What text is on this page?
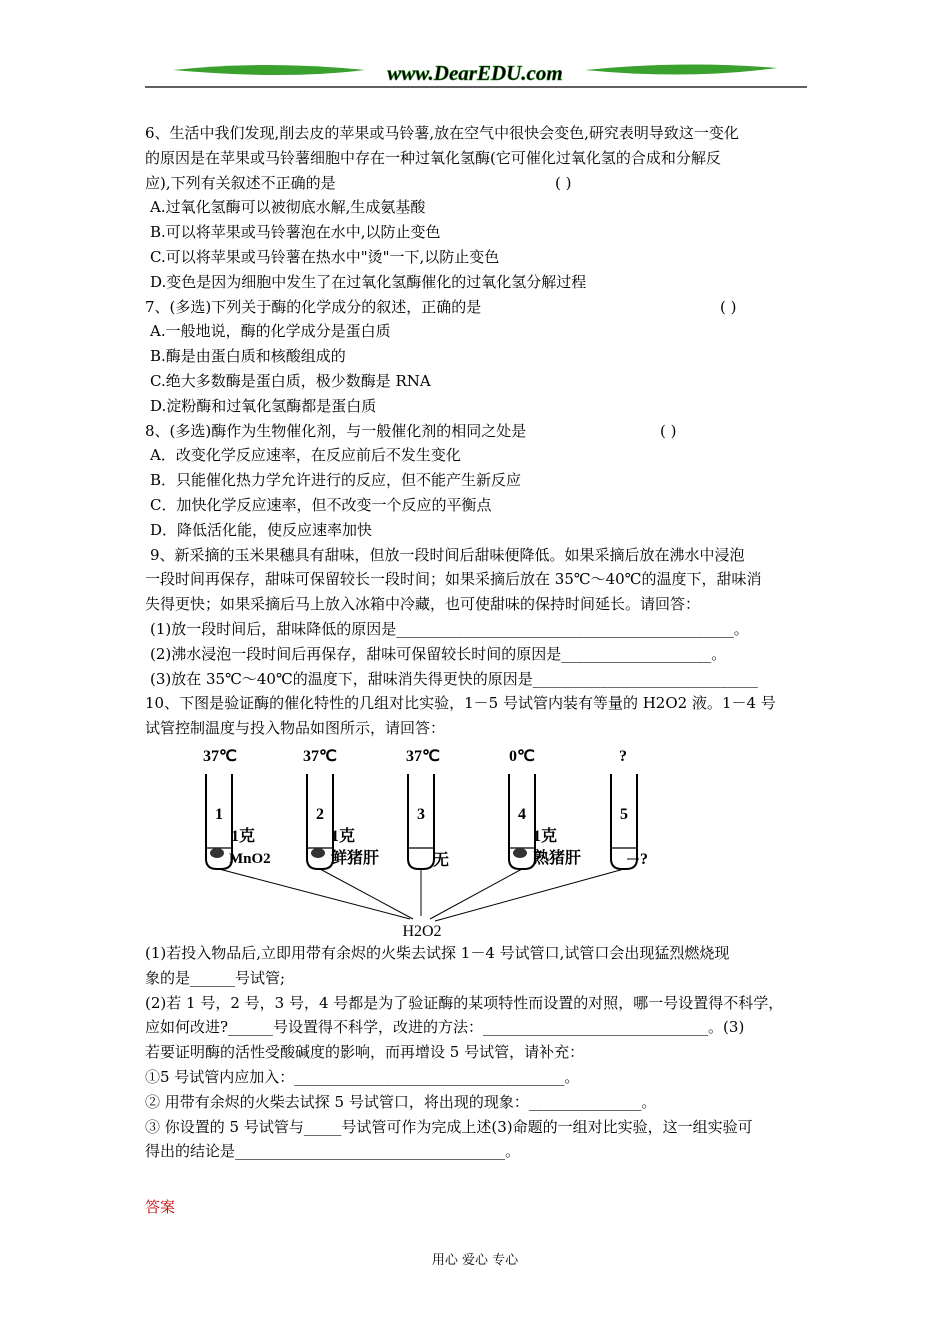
www.DearEDU.com
6、生活中我们发现,削去皮的苹果或马铃薯,放在空气中很快会变色,研究表明导致这一变化
的原因是在苹果或马铃薯细胞中存在一种过氧化氢酶(它可催化过氧化氢的合成和分解反
应),下列有关叙述不正确的是	( )
A.过氧化氢酶可以被彻底水解,生成氨基酸
B.可以将苹果或马铃薯泡在水中,以防止变色
C.可以将苹果或马铃薯在热水中"烫"一下,以防止变色
D.变色是因为细胞中发生了在过氧化氢酶催化的过氧化氢分解过程
7、(多选)下列关于酶的化学成分的叙述，正确的是	( )
A.一般地说，酶的化学成分是蛋白质
B.酶是由蛋白质和核酸组成的
C.绝大多数酶是蛋白质，极少数酶是 RNA
D.淀粉酶和过氧化氢酶都是蛋白质
8、(多选)酶作为生物催化剂，与一般催化剂的相同之处是	( )
A．改变化学反应速率，在反应前后不发生变化
B．只能催化热力学允许进行的反应，但不能产生新反应
C．加快化学反应速率，但不改变一个反应的平衡点
D．降低活化能，使反应速率加快
9、新采摘的玉米果穗具有甜味，但放一段时间后甜味便降低。如果采摘后放在沸水中浸泡
一段时间再保存，甜味可保留较长一段时间；如果采摘后放在 35℃～40℃的温度下，甜味消
失得更快；如果采摘后马上放入冰箱中冷藏，也可使甜味的保持时间延长。请回答：
(1)放一段时间后，甜味降低的原因是_____________________________________________。
(2)沸水浸泡一段时间后再保存，甜味可保留较长时间的原因是____________________。
(3)放在 35℃～40℃的温度下，甜味消失得更快的原因是______________________________
10、下图是验证酶的催化特性的几组对比实验，1－5 号试管内装有等量的 H2O2 液。1－4 号
试管控制温度与投入物品如图所示，请回答：
37℃	37℃	37℃	0℃	?
1	2	3	4	5
1克
MnO2
1克
鲜猪肝	无
1克
熟猪肝	?
H2O2
(1)若投入物品后,立即用带有余烬的火柴去试探 1－4 号试管口,试管口会出现猛烈燃烧现
象的是______号试管;
(2)若 1 号，2 号，3 号，4 号都是为了验证酶的某项特性而设置的对照，哪一号设置得不科学，
应如何改进?______号设置得不科学，改进的方法：______________________________。(3)
若要证明酶的活性受酸碱度的影响，而再增设 5 号试管，请补充：
①5 号试管内应加入：____________________________________。
② 用带有余烬的火柴去试探 5 号试管口，将出现的现象：_______________。
③ 你设置的 5 号试管与_____号试管可作为完成上述(3)命题的一组对比实验，这一组实验可
得出的结论是____________________________________。
答案
用心 爱心 专心
